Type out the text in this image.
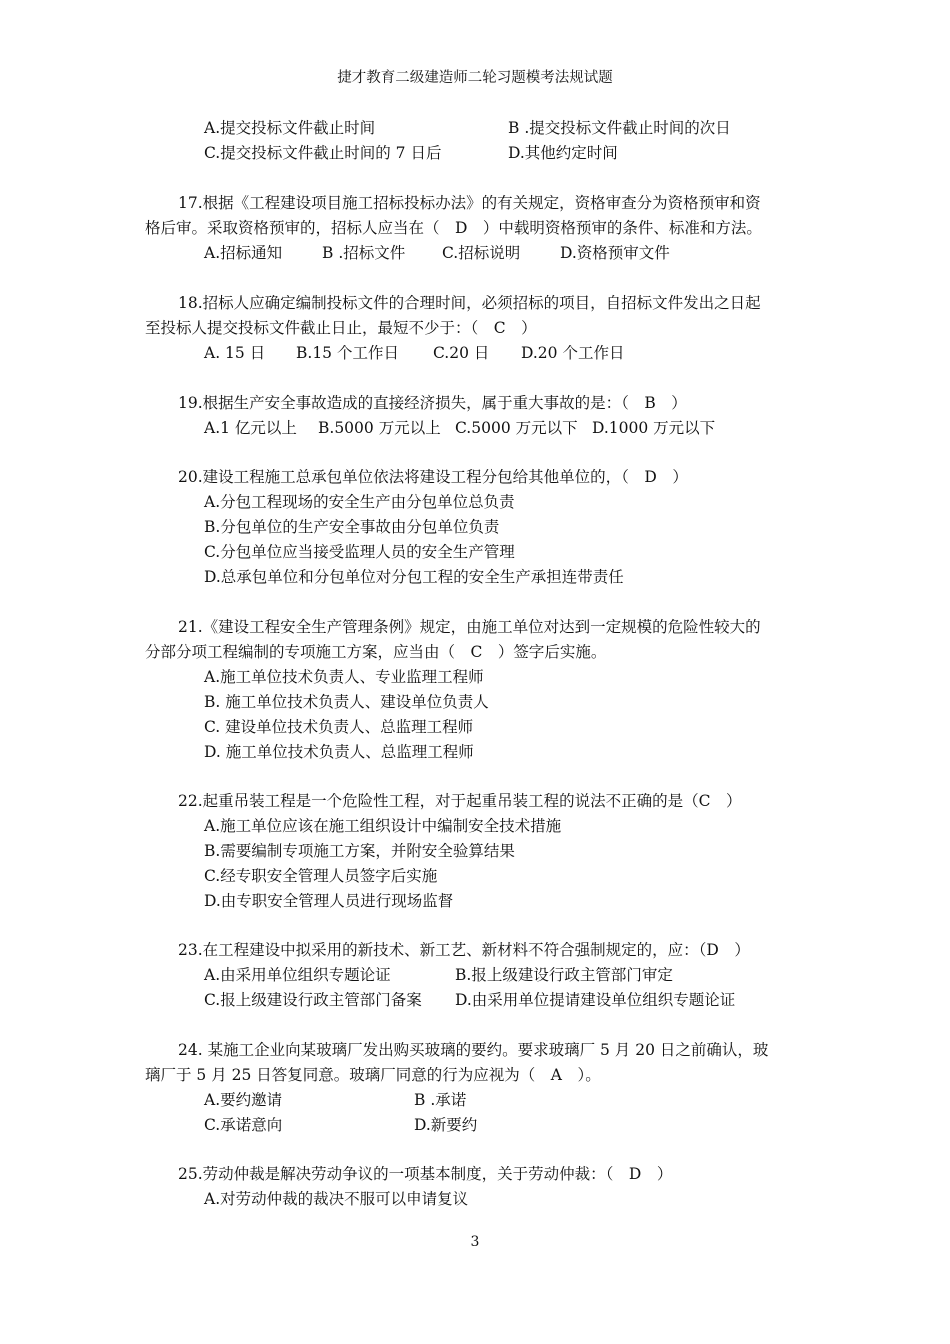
捷才教育二级建造师二轮习题模考法规试题
A.提交投标文件截止时间	B .提交投标文件截止时间的次日
C.提交投标文件截止时间的 7 日后	D.其他约定时间
17.根据《工程建设项目施工招标投标办法》的有关规定，资格审查分为资格预审和资
格后审。采取资格预审的，招标人应当在（　D　）中载明资格预审的条件、标准和方法。
A.招标通知	B .招标文件 C.招标说明	D.资格预审文件
18.招标人应确定编制投标文件的合理时间，必须招标的项目，自招标文件发出之日起
至投标人提交投标文件截止日止，最短不少于：（　C　）
A. 15 日 B.15 个工作日 C.20 日 D.20 个工作日
19.根据生产安全事故造成的直接经济损失，属于重大事故的是：（　B　）
A.1 亿元以上 B.5000 万元以上 C.5000 万元以下 D.1000 万元以下
20.建设工程施工总承包单位依法将建设工程分包给其他单位的，（　D　）
A.分包工程现场的安全生产由分包单位总负责
B.分包单位的生产安全事故由分包单位负责
C.分包单位应当接受监理人员的安全生产管理
D.总承包单位和分包单位对分包工程的安全生产承担连带责任
21.《建设工程安全生产管理条例》规定，由施工单位对达到一定规模的危险性较大的
分部分项工程编制的专项施工方案，应当由（　C　）签字后实施。
A.施工单位技术负责人、专业监理工程师
B. 施工单位技术负责人、建设单位负责人
C. 建设单位技术负责人、总监理工程师
D. 施工单位技术负责人、总监理工程师
22.起重吊装工程是一个危险性工程，对于起重吊装工程的说法不正确的是（C　）
A.施工单位应该在施工组织设计中编制安全技术措施
B.需要编制专项施工方案，并附安全验算结果
C.经专职安全管理人员签字后实施
D.由专职安全管理人员进行现场监督
23.在工程建设中拟采用的新技术、新工艺、新材料不符合强制规定的，应：（D　）
A.由采用单位组织专题论证	B.报上级建设行政主管部门审定
C.报上级建设行政主管部门备案 D.由采用单位提请建设单位组织专题论证
24. 某施工企业向某玻璃厂发出购买玻璃的要约。要求玻璃厂 5 月 20 日之前确认，玻
璃厂于 5 月 25 日答复同意。玻璃厂同意的行为应视为（　A　）。
A.要约邀请	B .承诺
C.承诺意向	D.新要约
25.劳动仲裁是解决劳动争议的一项基本制度，关于劳动仲裁：（　D　）
A.对劳动仲裁的裁决不服可以申请复议
3
